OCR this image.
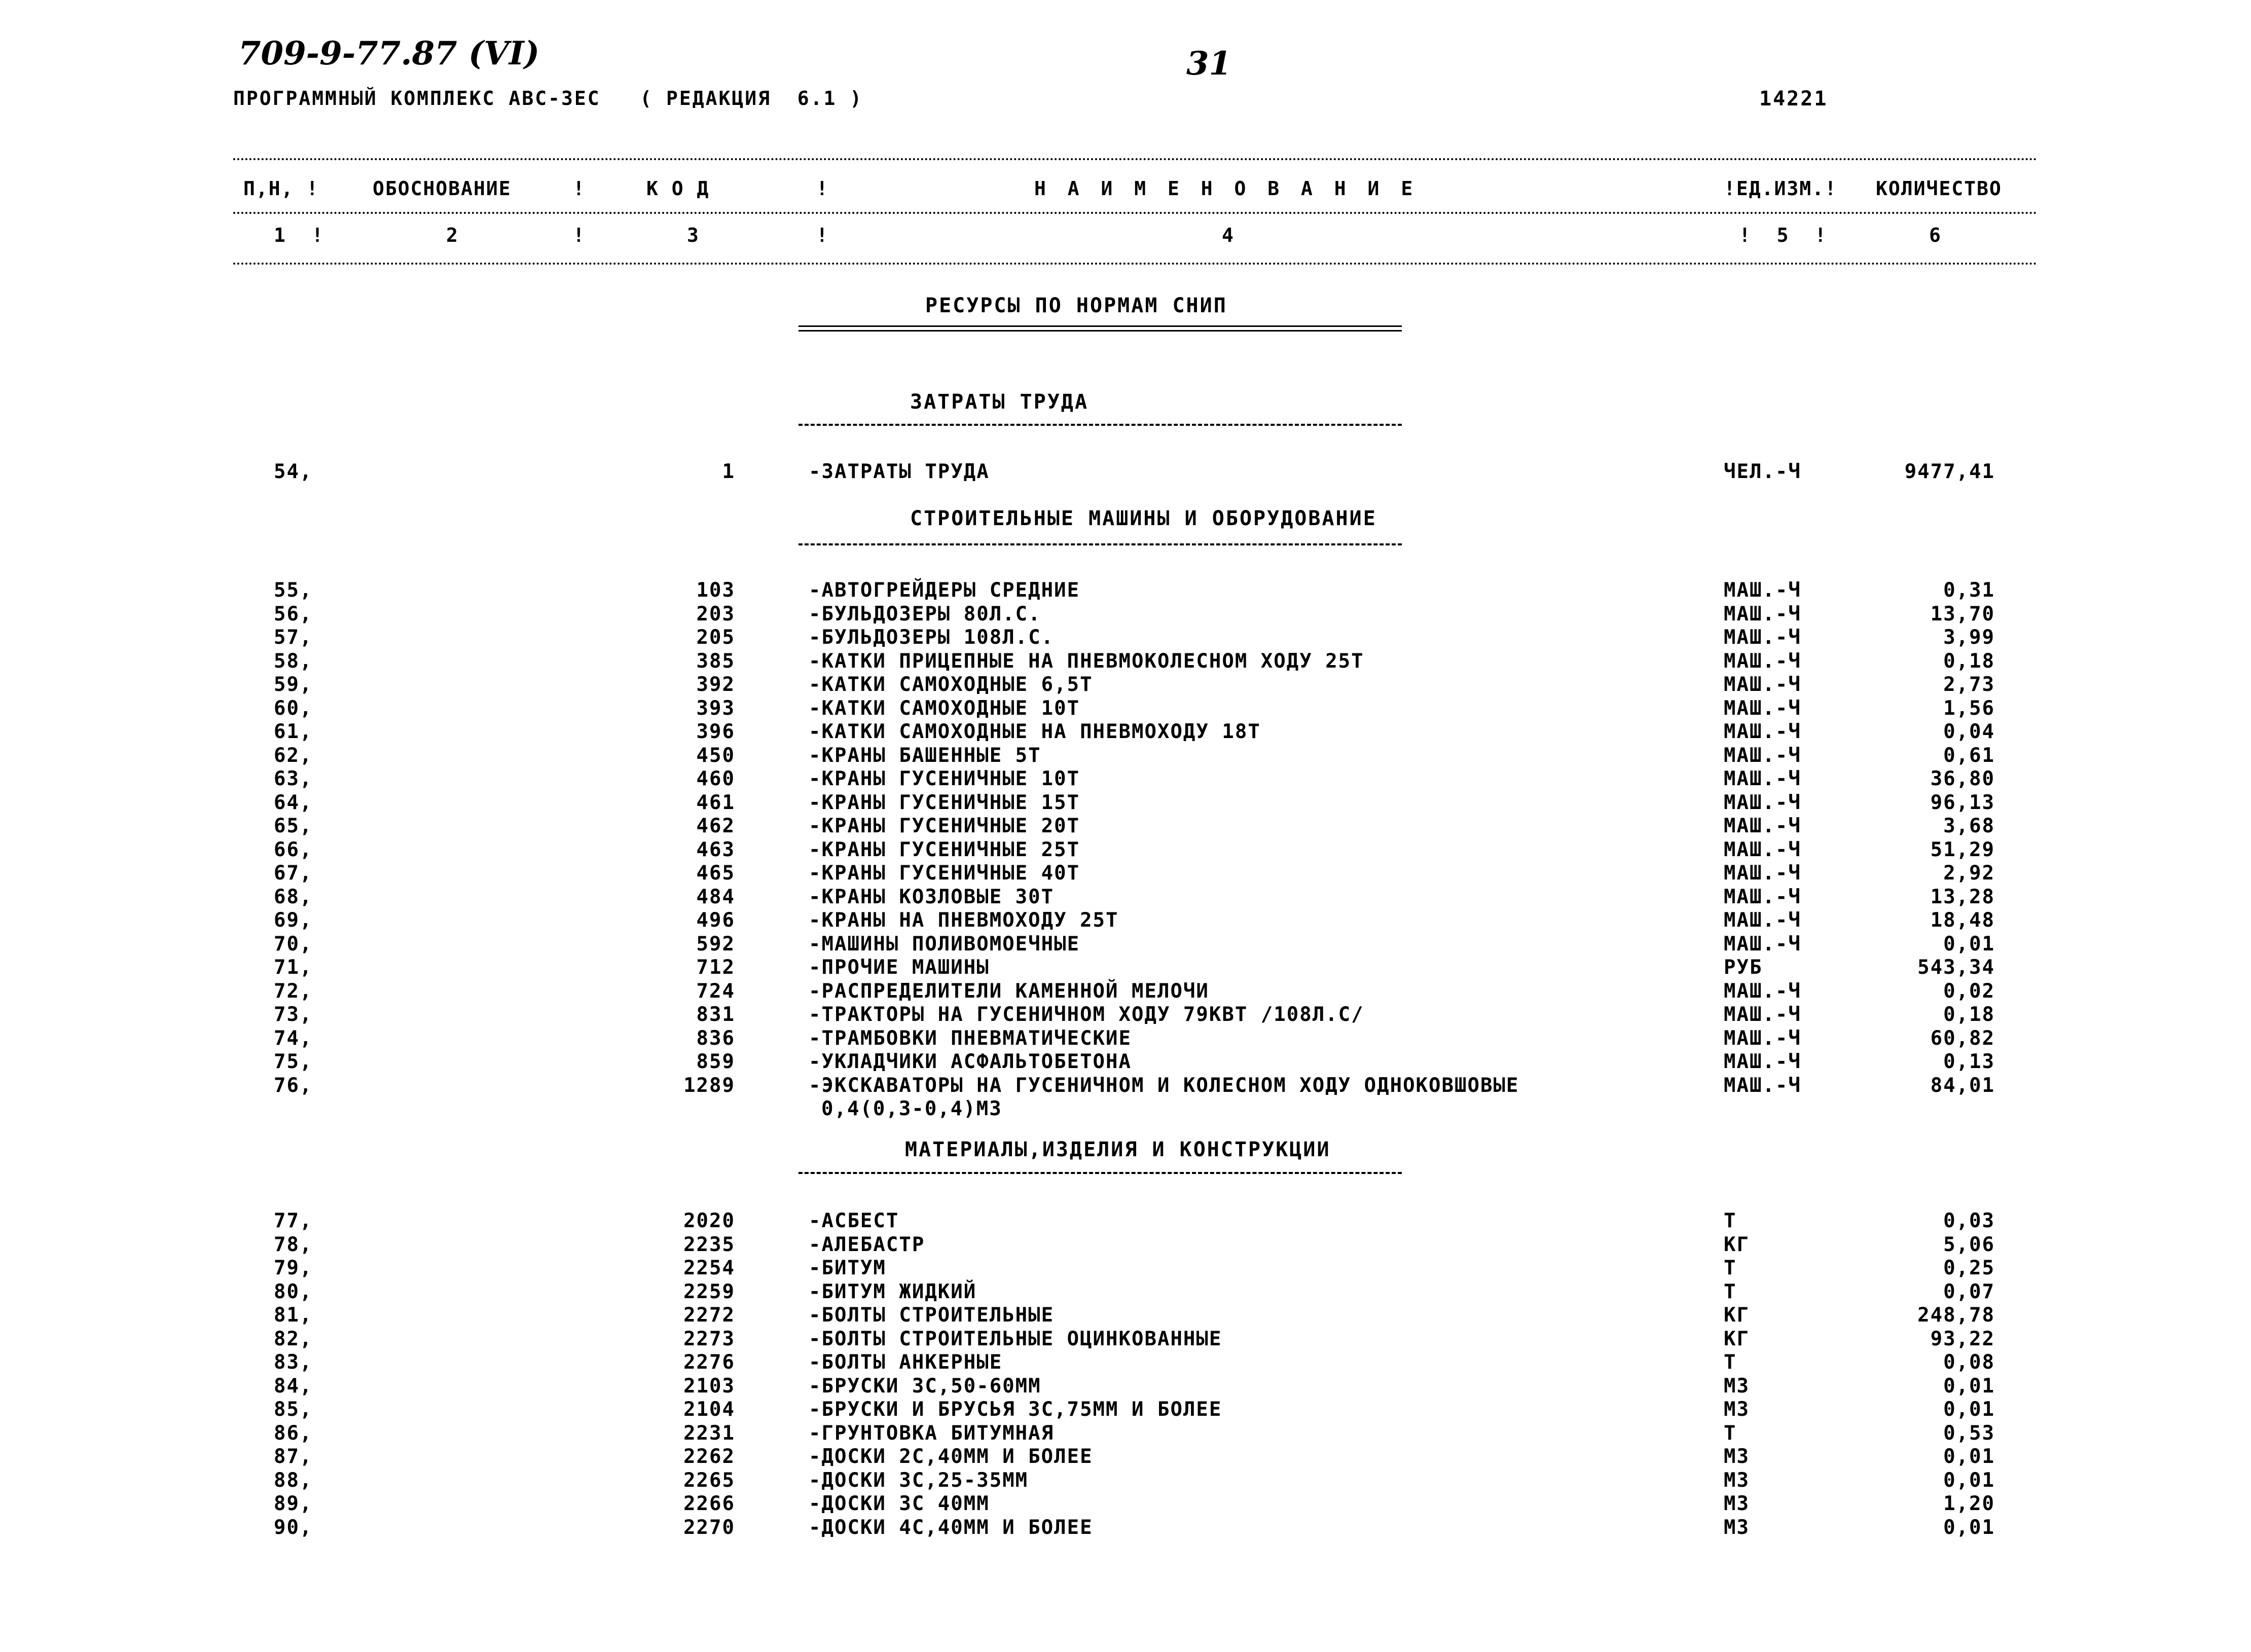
709-9-77.87 (VI)	31
ПРОГРАММНЫЙ КОМПЛЕКС АВС-3ЕС   ( РЕДАКЦИЯ  6.1 )	14221
П,Н, !	ОБОСНОВАНИЕ	!	К О Д	!	Н А И М Е Н О В А Н И Е	!ЕД.ИЗМ.! КОЛИЧЕСТВО
1  !	2	!	3	!	4	!  5  !	6
РЕСУРСЫ ПО НОРМАМ СНИП
ЗАТРАТЫ ТРУДА
54,	1	-ЗАТРАТЫ ТРУДА	ЧЕЛ.-Ч	9477,41
СТРОИТЕЛЬНЫЕ МАШИНЫ И ОБОРУДОВАНИЕ
55,	103	-АВТОГРЕЙДЕРЫ СРЕДНИЕ	МАШ.-Ч	0,31
56,	203	-БУЛЬДОЗЕРЫ 80Л.С.	МАШ.-Ч	13,70
57,	205	-БУЛЬДОЗЕРЫ 108Л.С.	МАШ.-Ч	3,99
58,	385	-КАТКИ ПРИЦЕПНЫЕ НА ПНЕВМОКОЛЕСНОМ ХОДУ 25Т	МАШ.-Ч	0,18
59,	392	-КАТКИ САМОХОДНЫЕ 6,5Т	МАШ.-Ч	2,73
60,	393	-КАТКИ САМОХОДНЫЕ 10Т	МАШ.-Ч	1,56
61,	396	-КАТКИ САМОХОДНЫЕ НА ПНЕВМОХОДУ 18Т	МАШ.-Ч	0,04
62,	450	-КРАНЫ БАШЕННЫЕ 5Т	МАШ.-Ч	0,61
63,	460	-КРАНЫ ГУСЕНИЧНЫЕ 10Т	МАШ.-Ч	36,80
64,	461	-КРАНЫ ГУСЕНИЧНЫЕ 15Т	МАШ.-Ч	96,13
65,	462	-КРАНЫ ГУСЕНИЧНЫЕ 20Т	МАШ.-Ч	3,68
66,	463	-КРАНЫ ГУСЕНИЧНЫЕ 25Т	МАШ.-Ч	51,29
67,	465	-КРАНЫ ГУСЕНИЧНЫЕ 40Т	МАШ.-Ч	2,92
68,	484	-КРАНЫ КОЗЛОВЫЕ 30Т	МАШ.-Ч	13,28
69,	496	-КРАНЫ НА ПНЕВМОХОДУ 25Т	МАШ.-Ч	18,48
70,	592	-МАШИНЫ ПОЛИВОМОЕЧНЫЕ	МАШ.-Ч	0,01
71,	712	-ПРОЧИЕ МАШИНЫ	РУБ	543,34
72,	724	-РАСПРЕДЕЛИТЕЛИ КАМЕННОЙ МЕЛОЧИ	МАШ.-Ч	0,02
73,	831	-ТРАКТОРЫ НА ГУСЕНИЧНОМ ХОДУ 79КВТ /108Л.С/	МАШ.-Ч	0,18
74,	836	-ТРАМБОВКИ ПНЕВМАТИЧЕСКИЕ	МАШ.-Ч	60,82
75,	859	-УКЛАДЧИКИ АСФАЛЬТОБЕТОНА	МАШ.-Ч	0,13
76,	1289	-ЭКСКАВАТОРЫ НА ГУСЕНИЧНОМ И КОЛЕСНОМ ХОДУ ОДНОКОВШОВЫЕ	МАШ.-Ч	84,01
0,4(0,3-0,4)М3
МАТЕРИАЛЫ,ИЗДЕЛИЯ И КОНСТРУКЦИИ
77,	2020	-АСБЕСТ	Т	0,03
78,	2235	-АЛЕБАСТР	КГ	5,06
79,	2254	-БИТУМ	Т	0,25
80,	2259	-БИТУМ ЖИДКИЙ	Т	0,07
81,	2272	-БОЛТЫ СТРОИТЕЛЬНЫЕ	КГ	248,78
82,	2273	-БОЛТЫ СТРОИТЕЛЬНЫЕ ОЦИНКОВАННЫЕ	КГ	93,22
83,	2276	-БОЛТЫ АНКЕРНЫЕ	Т	0,08
84,	2103	-БРУСКИ 3С,50-60ММ	М3	0,01
85,	2104	-БРУСКИ И БРУСЬЯ 3С,75ММ И БОЛЕЕ	М3	0,01
86,	2231	-ГРУНТОВКА БИТУМНАЯ	Т	0,53
87,	2262	-ДОСКИ 2С,40ММ И БОЛЕЕ	М3	0,01
88,	2265	-ДОСКИ 3С,25-35ММ	М3	0,01
89,	2266	-ДОСКИ 3С 40ММ	М3	1,20
90,	2270	-ДОСКИ 4С,40ММ И БОЛЕЕ	М3	0,01
